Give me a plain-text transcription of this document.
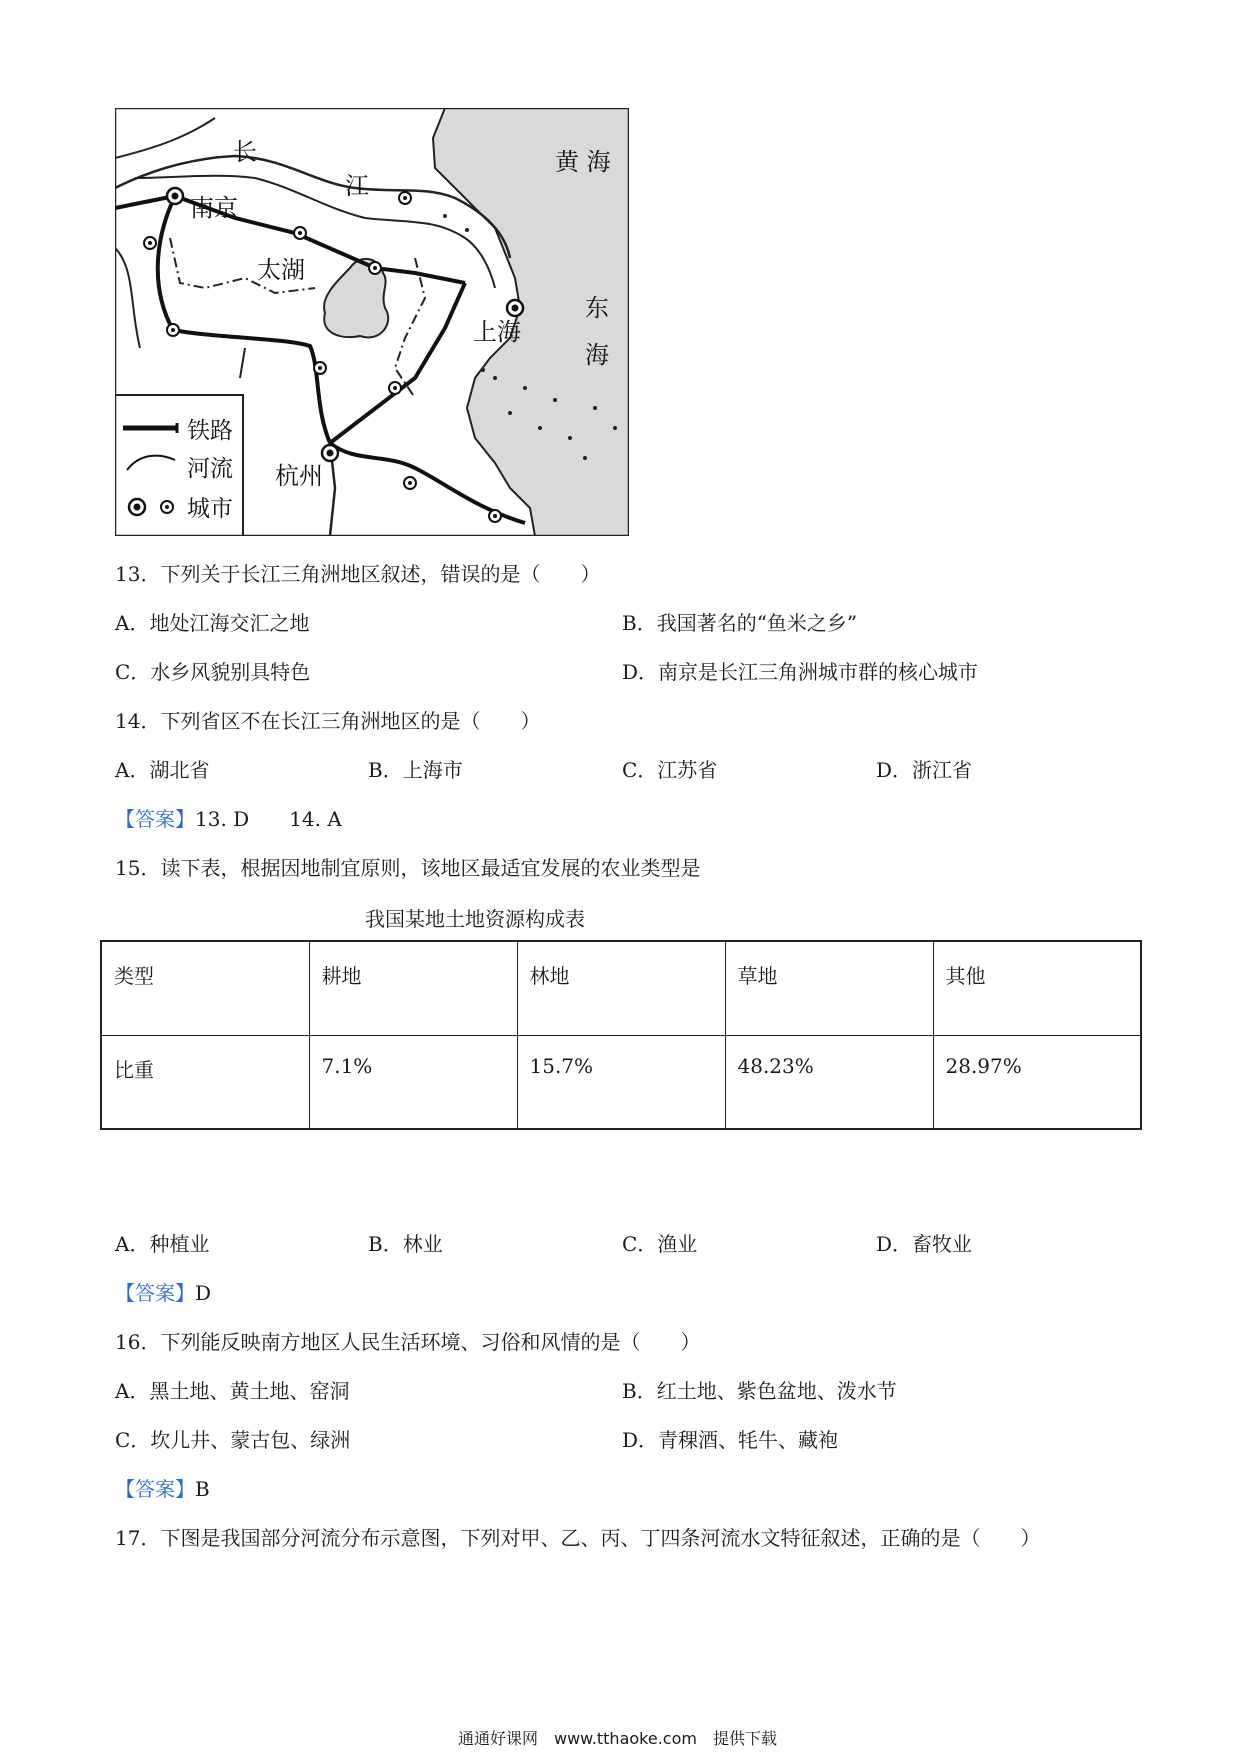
黄 海
东
海
长
江
南京
太湖
上海
杭州
铁路
河流
城市
13．下列关于长江三角洲地区叙述，错误的是（　　）
A．地处江海交汇之地	B．我国著名的“鱼米之乡”
C．水乡风貌别具特色	D．南京是长江三角洲城市群的核心城市
14．下列省区不在长江三角洲地区的是（　　）
A．湖北省	B．上海市	C．江苏省	D．浙江省
【答案】13. D　　14. A
15．读下表，根据因地制宜原则，该地区最适宜发展的农业类型是
我国某地土地资源构成表
类型	耕地	林地	草地	其他
比重	7.1%	15.7%	48.23%	28.97%
A．种植业	B．林业	C．渔业	D．畜牧业
【答案】D
16．下列能反映南方地区人民生活环境、习俗和风情的是（　　）
A．黑土地、黄土地、窑洞	B．红土地、紫色盆地、泼水节
C．坎儿井、蒙古包、绿洲	D．青稞酒、牦牛、藏袍
【答案】B
17．下图是我国部分河流分布示意图，下列对甲、乙、丙、丁四条河流水文特征叙述，正确的是（　　）
通通好课网　www.tthaoke.com　提供下载
